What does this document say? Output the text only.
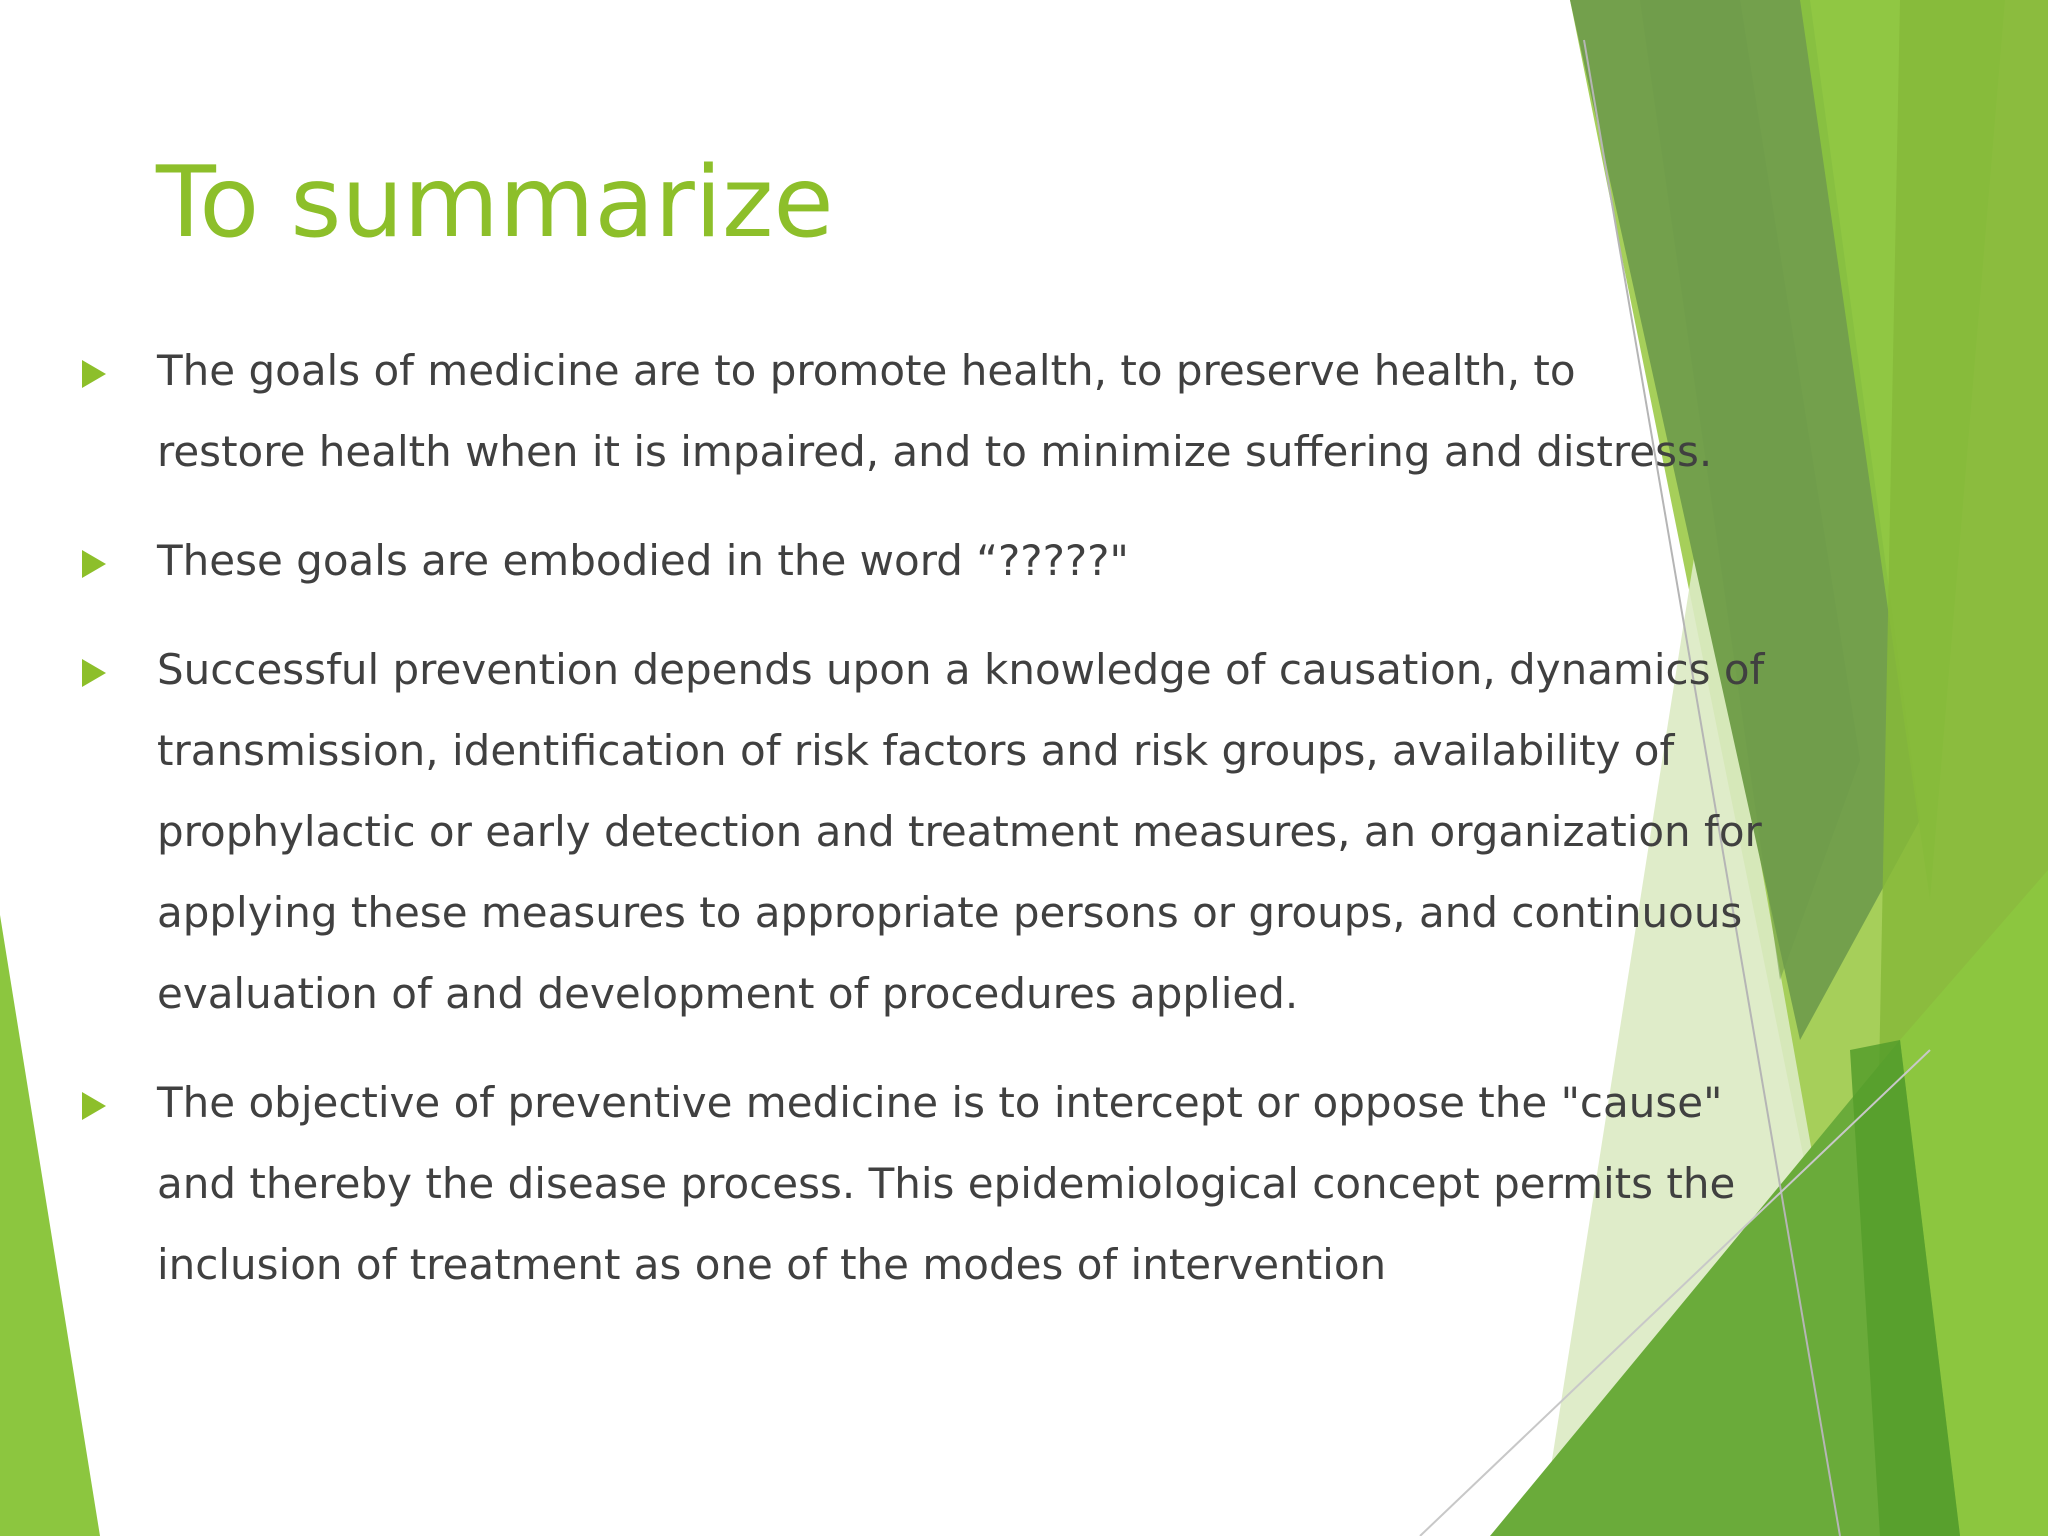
To summarize
The goals of medicine are to promote health, to preserve health, to restore health when it is impaired, and to minimize suffering and distress.
These goals are embodied in the word “?????"
Successful prevention depends upon a knowledge of causation, dynamics of transmission, identification of risk factors and risk groups, availability of prophylactic or early detection and treatment measures, an organization for applying these measures to appropriate persons or groups, and continuous evaluation of and development of procedures applied.
The objective of preventive medicine is to intercept or oppose the "cause" and thereby the disease process. This epidemiological concept permits the inclusion of treatment as one of the modes of intervention
